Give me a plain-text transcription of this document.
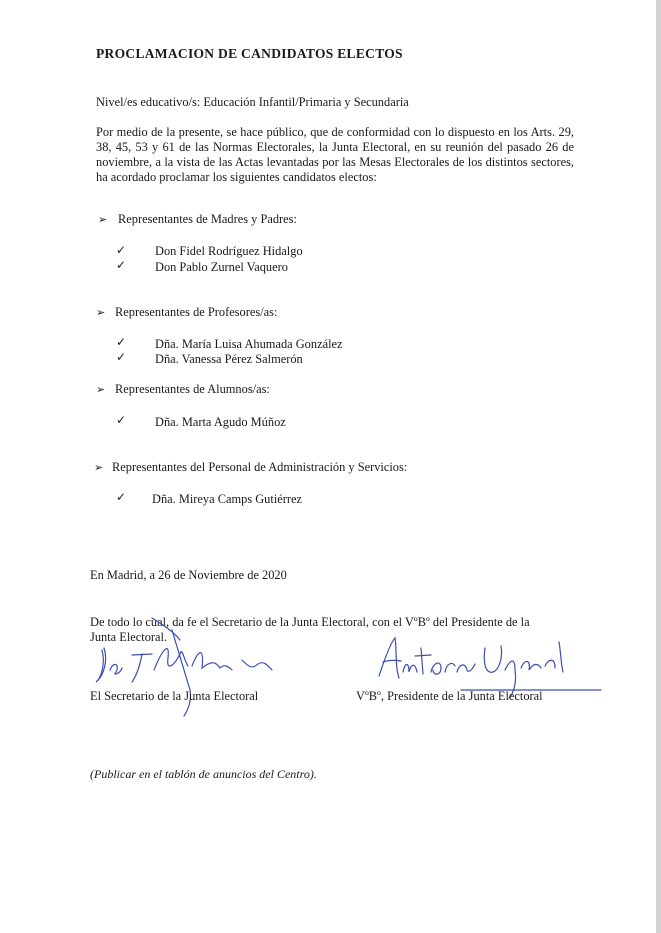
PROCLAMACION DE CANDIDATOS ELECTOS
Nivel/es educativo/s: Educación Infantil/Primaria y Secundaria
Por medio de la presente, se hace público, que de conformidad con lo dispuesto en los Arts. 29, 38, 45, 53 y 61 de las Normas Electorales, la Junta Electoral, en su reunión del pasado 26 de noviembre, a la vista de las Actas levantadas por las Mesas Electorales de los distintos sectores, ha acordado proclamar los siguientes candidatos electos:
➢ Representantes de Madres y Padres:
✓ Don Fidel Rodríguez Hidalgo
✓ Don Pablo Zurnel Vaquero
➢ Representantes de Profesores/as:
✓ Dña. María Luisa Ahumada González
✓ Dña. Vanessa Pérez Salmerón
➢ Representantes de Alumnos/as:
✓ Dña. Marta Agudo Múñoz
➢ Representantes del Personal de Administración y Servicios:
✓ Dña. Mireya Camps Gutiérrez
En Madrid, a 26 de Noviembre de 2020
De todo lo cual, da fe el Secretario de la Junta Electoral, con el VºBº del Presidente de la
Junta Electoral.
El Secretario de la Junta Electoral	VºBº, Presidente de la Junta Electoral
(Publicar en el tablón de anuncios del Centro).
